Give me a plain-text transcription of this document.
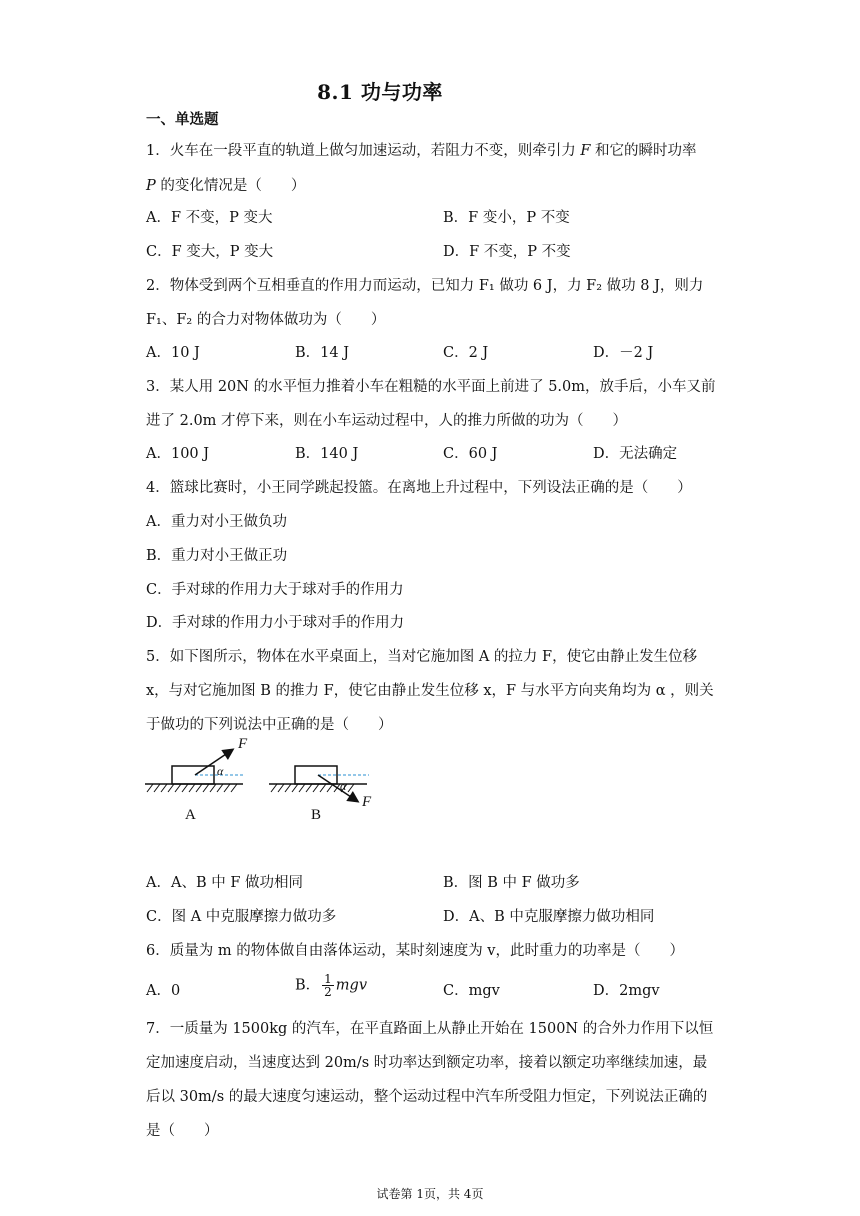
8.1 功与功率
一、单选题
1．火车在一段平直的轨道上做匀加速运动，若阻力不变，则牵引力 F 和它的瞬时功率
P 的变化情况是（　　）
A．F 不变，P 变大	B．F 变小，P 不变
C．F 变大，P 变大	D．F 不变，P 不变
2．物体受到两个互相垂直的作用力而运动，已知力 F₁ 做功 6 J，力 F₂ 做功 8 J，则力
F₁、F₂ 的合力对物体做功为（　　）
A．10 J	B．14 J	C．2 J	D．－2 J
3．某人用 20N 的水平恒力推着小车在粗糙的水平面上前进了 5.0m，放手后，小车又前
进了 2.0m 才停下来，则在小车运动过程中，人的推力所做的功为（　　）
A．100 J	B．140 J	C．60 J	D．无法确定
4．篮球比赛时，小王同学跳起投篮。在离地上升过程中，下列设法正确的是（　　）
A．重力对小王做负功
B．重力对小王做正功
C．手对球的作用力大于球对手的作用力
D．手对球的作用力小于球对手的作用力
5．如下图所示，物体在水平桌面上，当对它施加图 A 的拉力 F，使它由静止发生位移
x，与对它施加图 B 的推力 F，使它由静止发生位移 x，F 与水平方向夹角均为 α ，则关
于做功的下列说法中正确的是（　　）
F
α
A
F
α
B
A．A、B 中 F 做功相同	B．图 B 中 F 做功多
C．图 A 中克服摩擦力做功多	D．A、B 中克服摩擦力做功相同
6．质量为 m 的物体做自由落体运动，某时刻速度为 v，此时重力的功率是（　　）
A．0	B． $\frac{1}{2}$ mgv	C．mgv	D．2mgv
7．一质量为 1500kg 的汽车，在平直路面上从静止开始在 1500N 的合外力作用下以恒
定加速度启动，当速度达到 20m/s 时功率达到额定功率，接着以额定功率继续加速，最
后以 30m/s 的最大速度匀速运动，整个运动过程中汽车所受阻力恒定，下列说法正确的
是（　　）
试卷第 1页，共 4页
